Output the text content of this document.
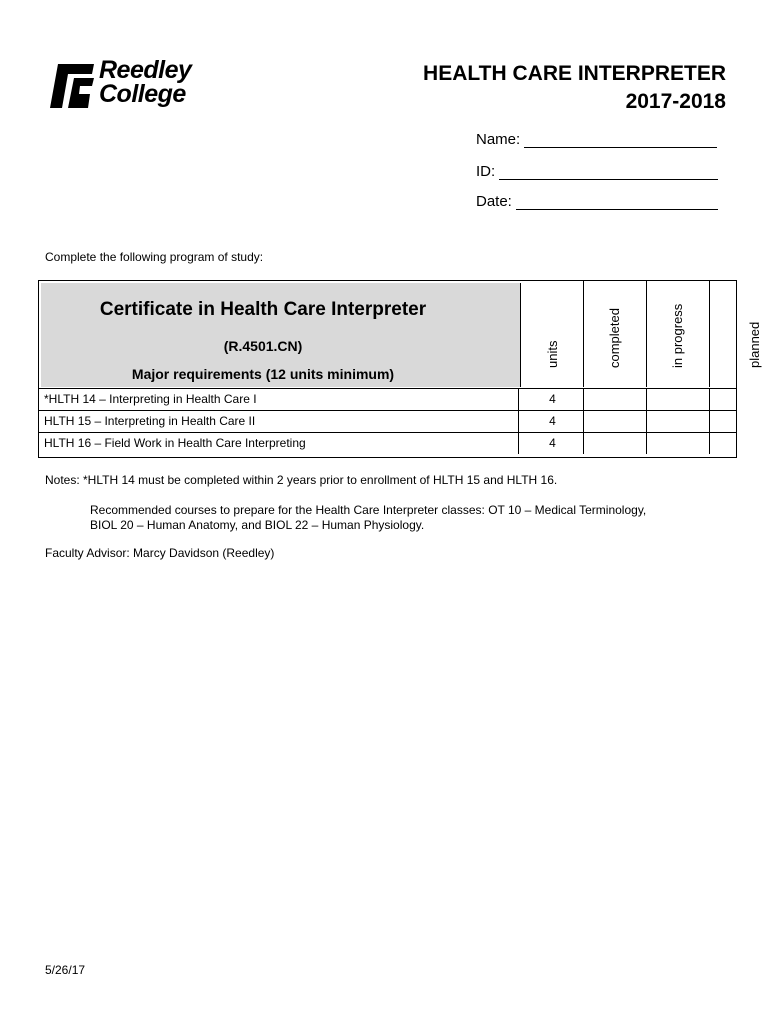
Reedley
College
HEALTH CARE INTERPRETER
2017-2018
Name:
ID:
Date:
Complete the following program of study:
Certificate in Health Care Interpreter
(R.4501.CN)
Major requirements (12 units minimum)
units	completed	in progress	planned
*HLTH 14 – Interpreting in Health Care I	4
HLTH 15 – Interpreting in Health Care II	4
HLTH 16 – Field Work in Health Care Interpreting	4
Notes: *HLTH 14 must be completed within 2 years prior to enrollment of HLTH 15 and HLTH 16.
Recommended courses to prepare for the Health Care Interpreter classes: OT 10 – Medical Terminology,
BIOL 20 – Human Anatomy, and BIOL 22 – Human Physiology.
Faculty Advisor: Marcy Davidson (Reedley)
5/26/17
